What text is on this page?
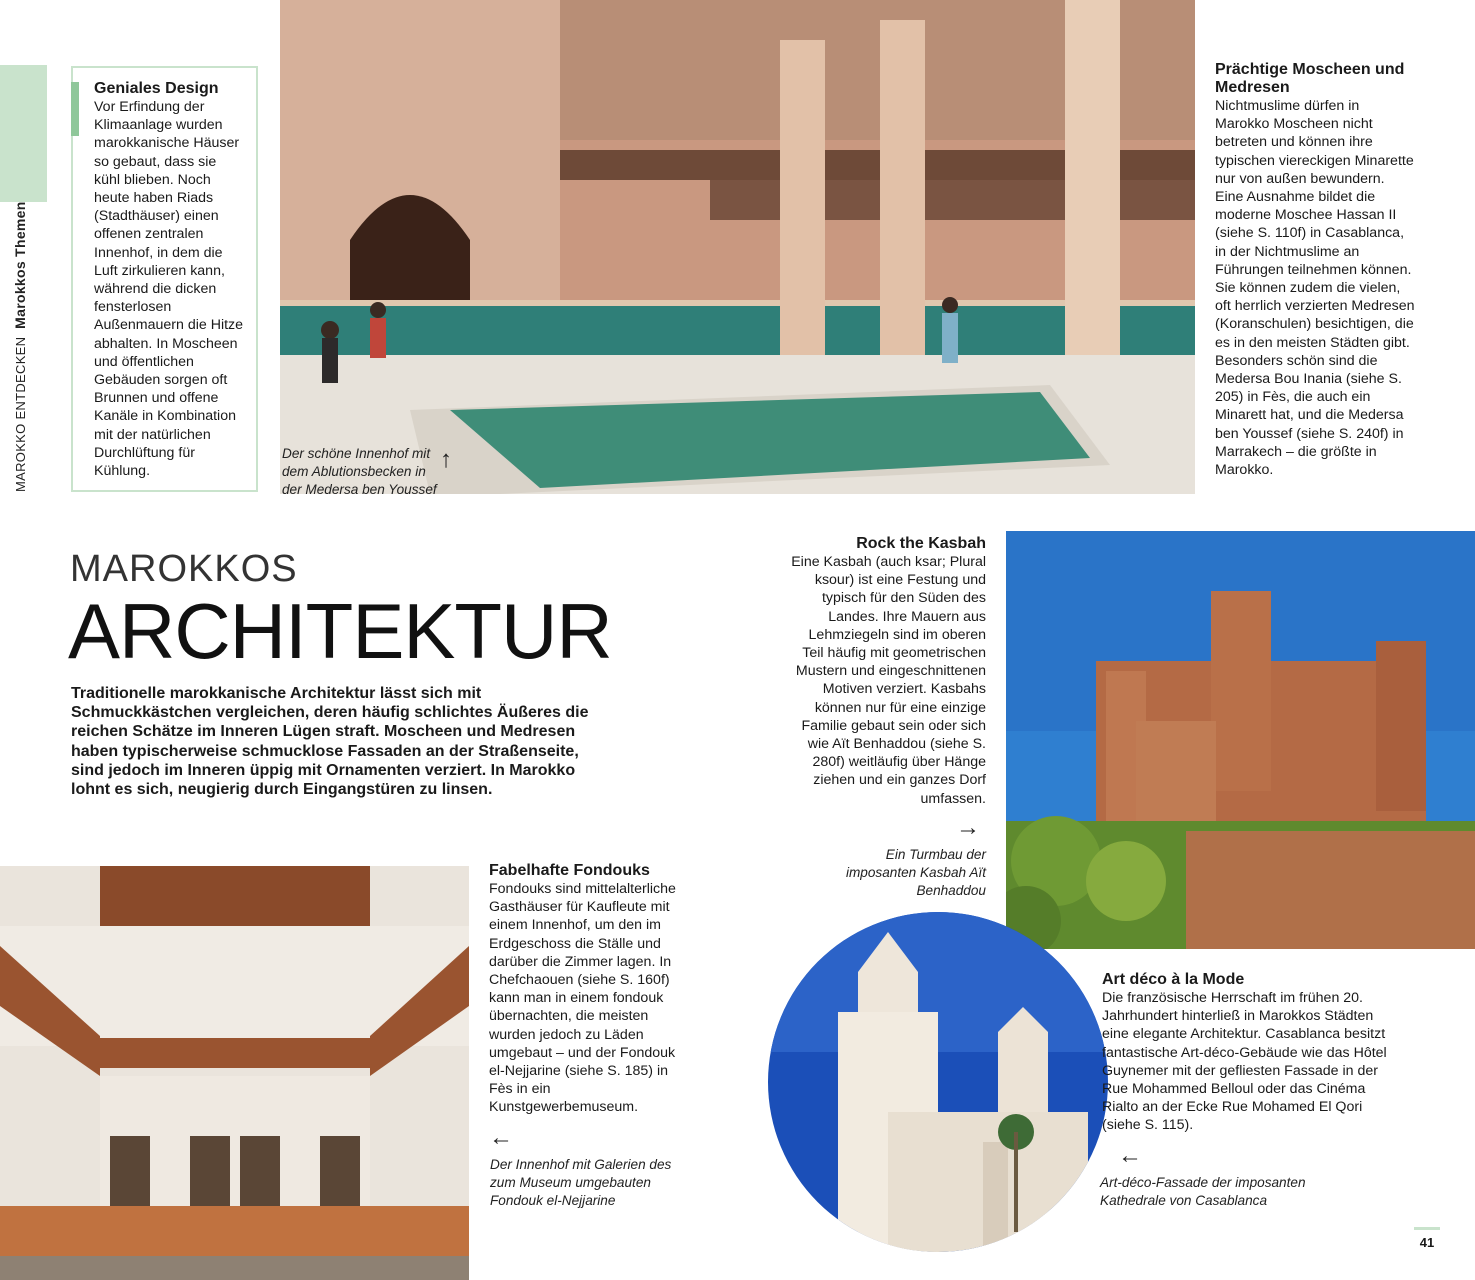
MAROKKO ENTDECKEN  Marokkos Themen

Geniales Design

Vor Erfindung der Klimaanlage wurden marokkanische Häuser so gebaut, dass sie kühl blieben. Noch heute haben Riads (Stadthäuser) einen offenen zentralen Innenhof, in dem die Luft zirkulieren kann, während die dicken fensterlosen Außenmauern die Hitze abhalten. In Moscheen und öffentlichen Gebäuden sorgen oft Brunnen und offene Kanäle in Kombination mit der natürlichen Durchlüftung für Kühlung.

Der schöne Innenhof mit dem Ablutionsbecken in der Medersa ben Youssef
↑

Prächtige Moscheen und Medresen

Nichtmuslime dürfen in Marokko Moscheen nicht betreten und können ihre typischen viereckigen Minarette nur von außen bewundern. Eine Ausnahme bildet die moderne Moschee Hassan II (siehe S. 110f) in Casablanca, in der Nichtmuslime an Führungen teilnehmen können. Sie können zudem die vielen, oft herrlich verzierten Medresen (Koranschulen) besichtigen, die es in den meisten Städten gibt. Besonders schön sind die Medersa Bou Inania (siehe S. 205) in Fès, die auch ein Minarett hat, und die Medersa ben Youssef (siehe S. 240f) in Marrakech – die größte in Marokko.

MAROKKOS
ARCHITEKTUR
Traditionelle marokkanische Architektur lässt sich mit Schmuckkästchen vergleichen, deren häufig schlichtes Äußeres die reichen Schätze im Inneren Lügen straft. Moscheen und Medresen haben typischerweise schmucklose Fassaden an der Straßenseite, sind jedoch im Inneren üppig mit Ornamenten verziert. In Marokko lohnt es sich, neugierig durch Eingangstüren zu linsen.

Rock the Kasbah

Eine Kasbah (auch ksar; Plural ksour) ist eine Festung und typisch für den Süden des Landes. Ihre Mauern aus Lehmziegeln sind im oberen Teil häufig mit geometrischen Mustern und eingeschnittenen Motiven verziert. Kasbahs können nur für eine einzige Familie gebaut sein oder sich wie Aït Benhaddou (siehe S. 280f) weitläufig über Hänge ziehen und ein ganzes Dorf umfassen.

→
Ein Turmbau der imposanten Kasbah Aït Benhaddou

Fabelhafte Fondouks

Fondouks sind mittelalterliche Gasthäuser für Kaufleute mit einem Innenhof, um den im Erdgeschoss die Ställe und darüber die Zimmer lagen. In Chefchaouen (siehe S. 160f) kann man in einem fondouk übernachten, die meisten wurden jedoch zu Läden umgebaut – und der Fondouk el-Nejjarine (siehe S. 185) in Fès in ein Kunstgewerbemuseum.

←
Der Innenhof mit Galerien des zum Museum umgebauten Fondouk el-Nejjarine

Art déco à la Mode

Die französische Herrschaft im frühen 20. Jahrhundert hinterließ in Marokkos Städten eine elegante Architektur. Casablanca besitzt fantastische Art-déco-Gebäude wie das Hôtel Guynemer mit der gefliesten Fassade in der Rue Mohammed Belloul oder das Cinéma Rialto an der Ecke Rue Mohamed El Qori (siehe S. 115).

←
Art-déco-Fassade der imposanten Kathedrale von Casablanca
41
